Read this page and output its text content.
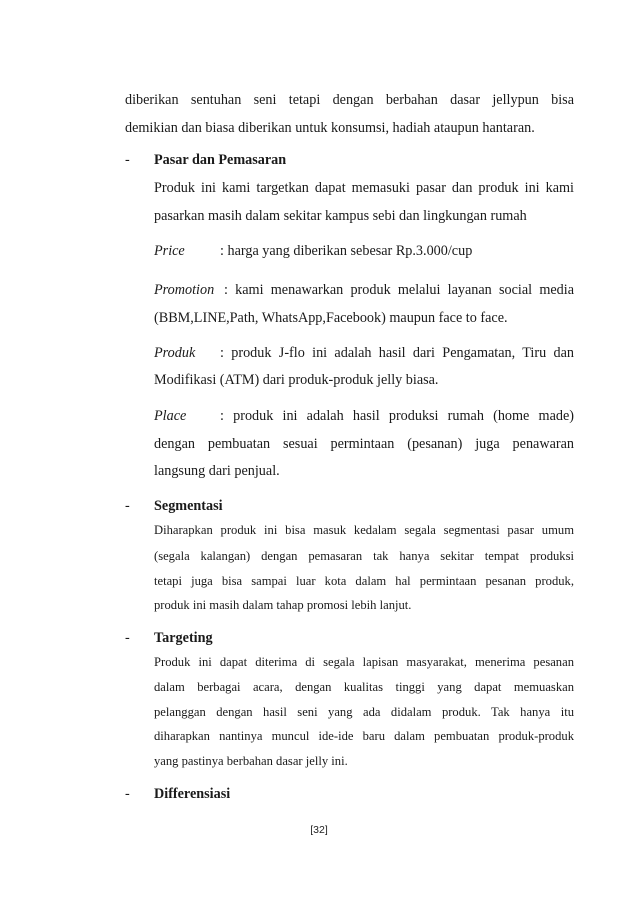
diberikan sentuhan seni tetapi dengan berbahan dasar jellypun bisa
demikian dan biasa diberikan untuk konsumsi, hadiah ataupun hantaran.
- Pasar dan Pemasaran
Produk ini kami targetkan dapat memasuki pasar dan produk ini kami
pasarkan masih dalam sekitar kampus sebi dan lingkungan rumah
Price : harga yang diberikan sebesar Rp.3.000/cup
Promotion : kami menawarkan produk melalui layanan social media
(BBM,LINE,Path, WhatsApp,Facebook) maupun face to face.
Produk : produk J-flo ini adalah hasil dari Pengamatan, Tiru dan
Modifikasi (ATM) dari produk-produk jelly biasa.
Place : produk ini adalah hasil produksi rumah (home made)
dengan pembuatan sesuai permintaan (pesanan) juga penawaran
langsung dari penjual.
- Segmentasi
Diharapkan produk ini bisa masuk kedalam segala segmentasi pasar umum
(segala kalangan) dengan pemasaran tak hanya sekitar tempat produksi
tetapi juga bisa sampai luar kota dalam hal permintaan pesanan produk,
produk ini masih dalam tahap promosi lebih lanjut.
- Targeting
Produk ini dapat diterima di segala lapisan masyarakat, menerima pesanan
dalam berbagai acara, dengan kualitas tinggi yang dapat memuaskan
pelanggan dengan hasil seni yang ada didalam produk. Tak hanya itu
diharapkan nantinya muncul ide-ide baru dalam pembuatan produk-produk
yang pastinya berbahan dasar jelly ini.
- Differensiasi
[32]
